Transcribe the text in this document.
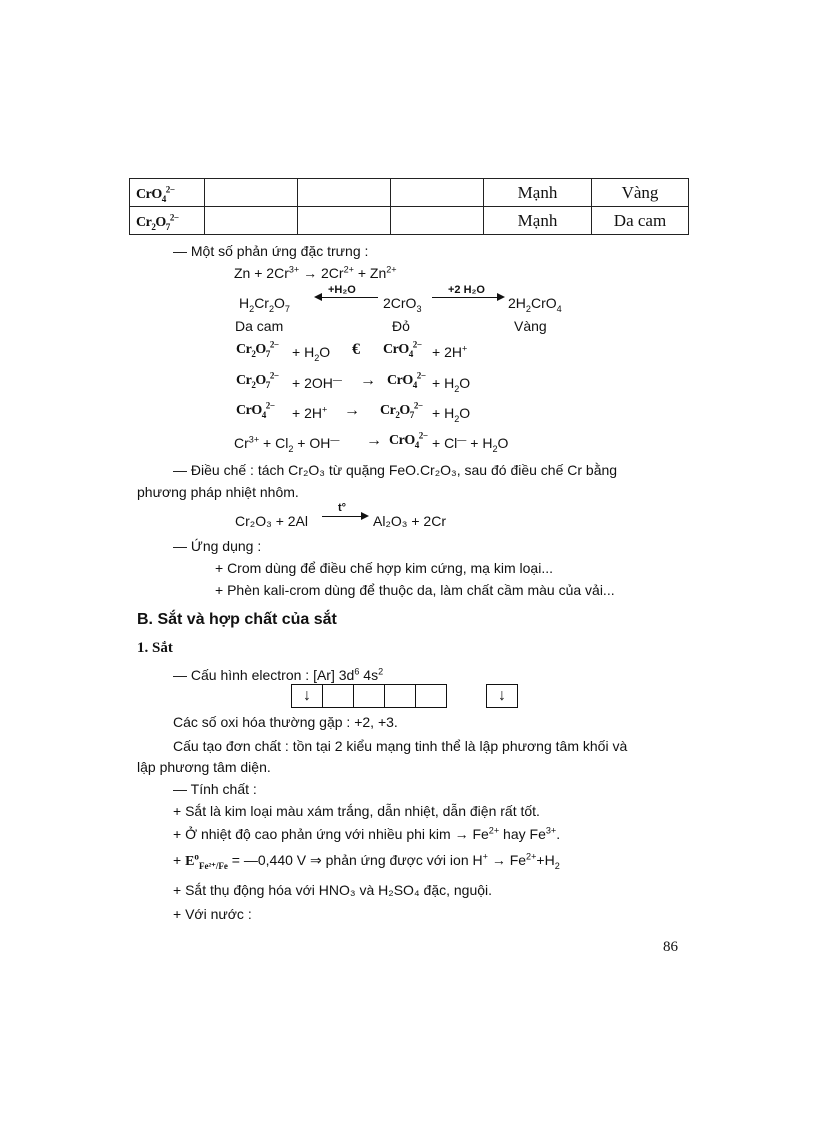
CrO$_4^{2-}$				Mạnh	Vàng
$Cr_2O_7^{2-}$				Mạnh	Da cam
— Một số phản ứng đặc trưng :
$Zn + 2Cr^{3+} \to 2Cr^{2+} + Zn^{2+}$
$H_2Cr_2O_7$
+H₂O
2CrO$_3$
+2 H₂O
$2H_2CrO_4$
Da cam	Đỏ	Vàng
$Cr_2O_7^{2-} + H_2O$ € CrO$_4^{2-}$ + 2H+
$Cr_2O_7^{2-} + 2OH^— \to CrO_4^{2-} + H_2O$
$CrO_4^{2-} + 2H^+ \to Cr_2O_7^{2-} + H_2O$
$Cr^{3+} + Cl_2 + OH^— \to CrO_4^{2-} + Cl^— + H_2O$
— Điều chế : tách Cr₂O₃ từ quặng FeO.Cr₂O₃, sau đó điều chế Cr bằng
phương pháp nhiệt nhôm.
Cr₂O₃ + 2Al
t°
Al₂O₃ + 2Cr
— Ứng dụng :
+ Crom dùng để điều chế hợp kim cứng, mạ kim loại...
+ Phèn kali-crom dùng để thuộc da, làm chất cầm màu của vải...
B. Sắt và hợp chất của sắt
1. Sắt
— Cấu hình electron : [Ar] $3d^6$ $4s^2$
↓	↓
Các số oxi hóa thường gặp : +2, +3.
Cấu tạo đơn chất : tồn tại 2 kiểu mạng tinh thể là lập phương tâm khối và
lập phương tâm diện.
— Tính chất :
+ Sắt là kim loại màu xám trắng, dẫn nhiệt, dẫn điện rất tốt.
+ Ở nhiệt độ cao phản ứng với nhiều phi kim → $Fe^{2+}$ hay $Fe^{3+}$.
+ $E^o_{Fe^{2+}/Fe}$ = —0,440 V ⇒ phản ứng được với ion $H^+ \to Fe^{2+}+H_2$
+ Sắt thụ động hóa với HNO₃ và H₂SO₄ đặc, nguội.
+ Với nước :
86
